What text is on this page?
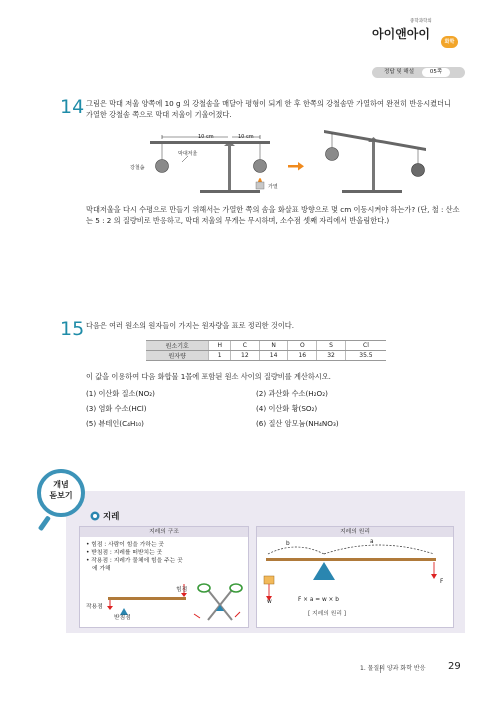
중학과학의
아이앤아이
화학
정답 및 해설	05쪽
14 그림은 막대 저울 양쪽에 10 g 의 강철솜을 매달아 평형이 되게 한 후 한쪽의 강철솜만 가열하여 완전히 반응시켰더니
가열한 강철솜 쪽으로 막대 저울이 기울어졌다.
10 cm	10 cm
막대저울
강철솜
가열
막대저울을 다시 수평으로 만들기 위해서는 가열한 쪽의 솜을 화살표 방향으로 몇 cm 이동시켜야 하는가? (단, 철 : 산소
는 5 : 2 의 질량비로 반응하고, 막대 저울의 무게는 무시하며, 소수점 셋째 자리에서 반올림한다.)
15 다음은 여러 원소의 원자들이 가지는 원자량을 표로 정리한 것이다.
원소기호	H	C	N	O	S	Cl
원자량	1	12	14	16	32	35.5
이 값을 이용하여 다음 화합물 1몰에 포함된 원소 사이의 질량비를 계산하시오.
(1) 이산화 질소(NO₂)	(2) 과산화 수소(H₂O₂)
(3) 염화 수소(HCl)	(4) 이산화 황(SO₂)
(5) 뷰테인(C₄H₁₀)	(6) 질산 암모늄(NH₄NO₃)
개념
돋보기
지레
지레의 구조
• 힘점 : 사람이 힘을 가하는 곳
• 받침점 : 지레를 떠받치는 곳
• 작용점 : 지레가 물체에 힘을 주는 곳
에 가해
힘점
작용점
받침점
지레의 원리
b	a
w
F
F × a = w × b
[ 지레의 원리 ]
1. 물질의 양과 화학 반응 29
